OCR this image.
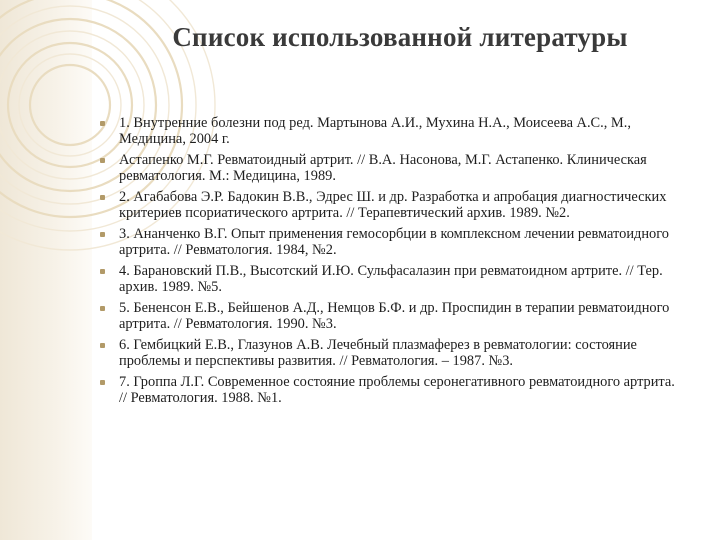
Список использованной литературы
1. Внутренние болезни под ред. Мартынова А.И., Мухина Н.А., Моисеева А.С., М., Медицина, 2004 г.
Астапенко М.Г. Ревматоидный артрит. // В.А. Насонова, М.Г. Астапенко. Клиническая ревматология. М.: Медицина, 1989.
2. Агабабова Э.Р. Бадокин В.В., Эдрес Ш. и др. Разработка и апробация диагностических критериев псориатического артрита. // Терапевтический архив. 1989. №2.
3. Ананченко В.Г. Опыт применения гемосорбции в комплексном лечении ревматоидного артрита. // Ревматология. 1984, №2.
4. Барановский П.В., Высотский И.Ю. Сульфасалазин при ревматоидном артрите. // Тер. архив. 1989. №5.
5. Бененсон Е.В., Бейшенов А.Д., Немцов Б.Ф. и др. Проспидин в терапии ревматоидного артрита. // Ревматология. 1990. №3.
6. Гембицкий Е.В., Глазунов А.В. Лечебный плазмаферез в ревматологии: состояние проблемы и перспективы развития. // Ревматология. – 1987. №3.
7. Гроппа Л.Г. Современное состояние проблемы серонегативного ревматоидного артрита. // Ревматология. 1988. №1.
